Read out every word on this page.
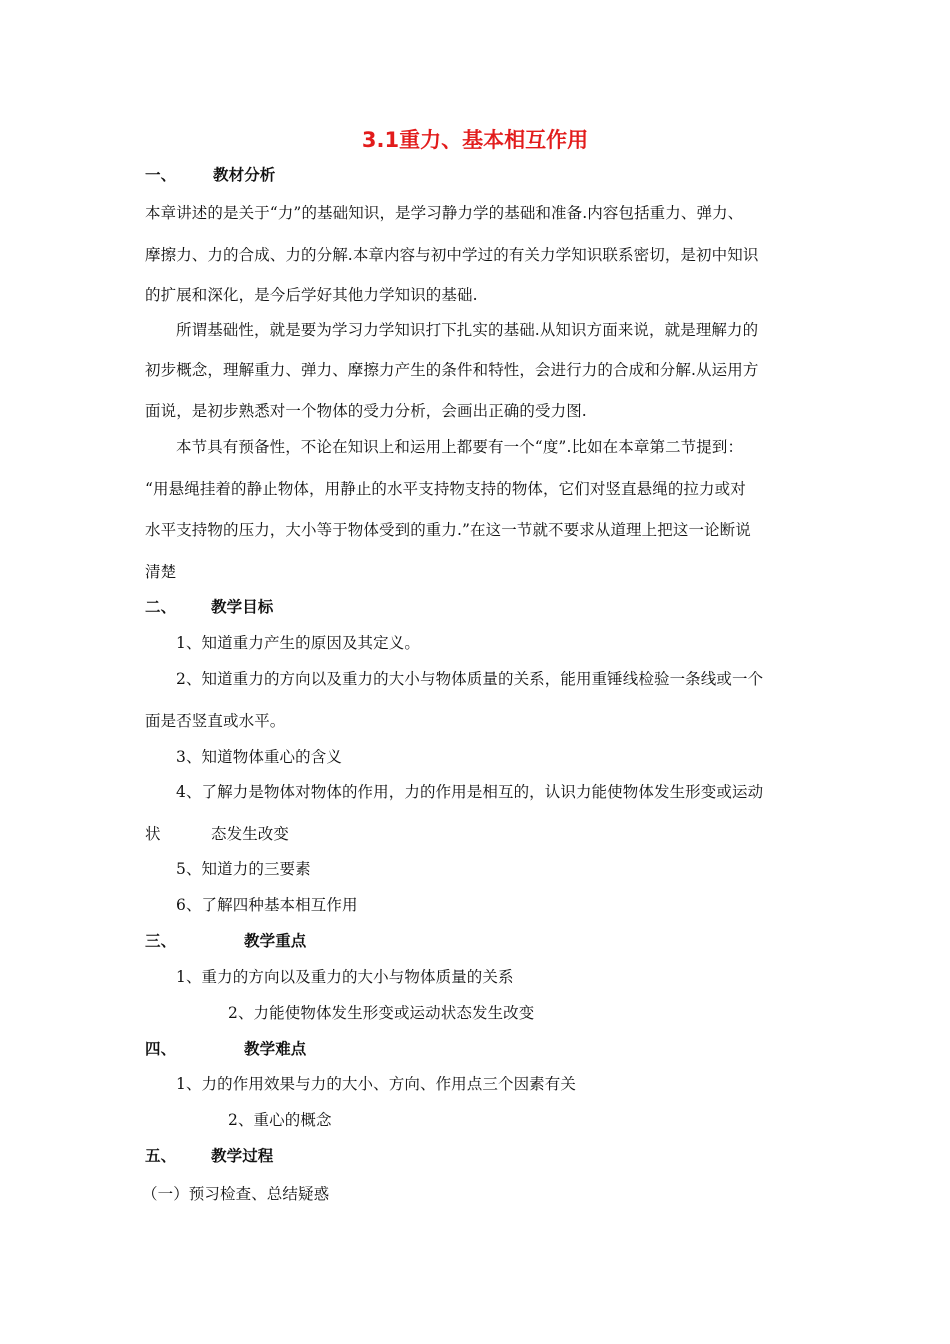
3.1重力、基本相互作用
一、 教材分析
本章讲述的是关于“力”的基础知识，是学习静力学的基础和准备.内容包括重力、弹力、
摩擦力、力的合成、力的分解.本章内容与初中学过的有关力学知识联系密切，是初中知识
的扩展和深化，是今后学好其他力学知识的基础.
所谓基础性，就是要为学习力学知识打下扎实的基础.从知识方面来说，就是理解力的
初步概念，理解重力、弹力、摩擦力产生的条件和特性，会进行力的合成和分解.从运用方
面说，是初步熟悉对一个物体的受力分析，会画出正确的受力图.
本节具有预备性，不论在知识上和运用上都要有一个“度”.比如在本章第二节提到：
“用悬绳挂着的静止物体，用静止的水平支持物支持的物体，它们对竖直悬绳的拉力或对
水平支持物的压力，大小等于物体受到的重力.”在这一节就不要求从道理上把这一论断说
清楚
二、 教学目标
1、知道重力产生的原因及其定义。
2、知道重力的方向以及重力的大小与物体质量的关系，能用重锤线检验一条线或一个
面是否竖直或水平。
3、知道物体重心的含义
4、了解力是物体对物体的作用，力的作用是相互的，认识力能使物体发生形变或运动
状	态发生改变
5、知道力的三要素
6、了解四种基本相互作用
三、	教学重点
1、重力的方向以及重力的大小与物体质量的关系
2、力能使物体发生形变或运动状态发生改变
四、	教学难点
1、力的作用效果与力的大小、方向、作用点三个因素有关
2、重心的概念
五、 教学过程
（一）预习检查、总结疑惑
